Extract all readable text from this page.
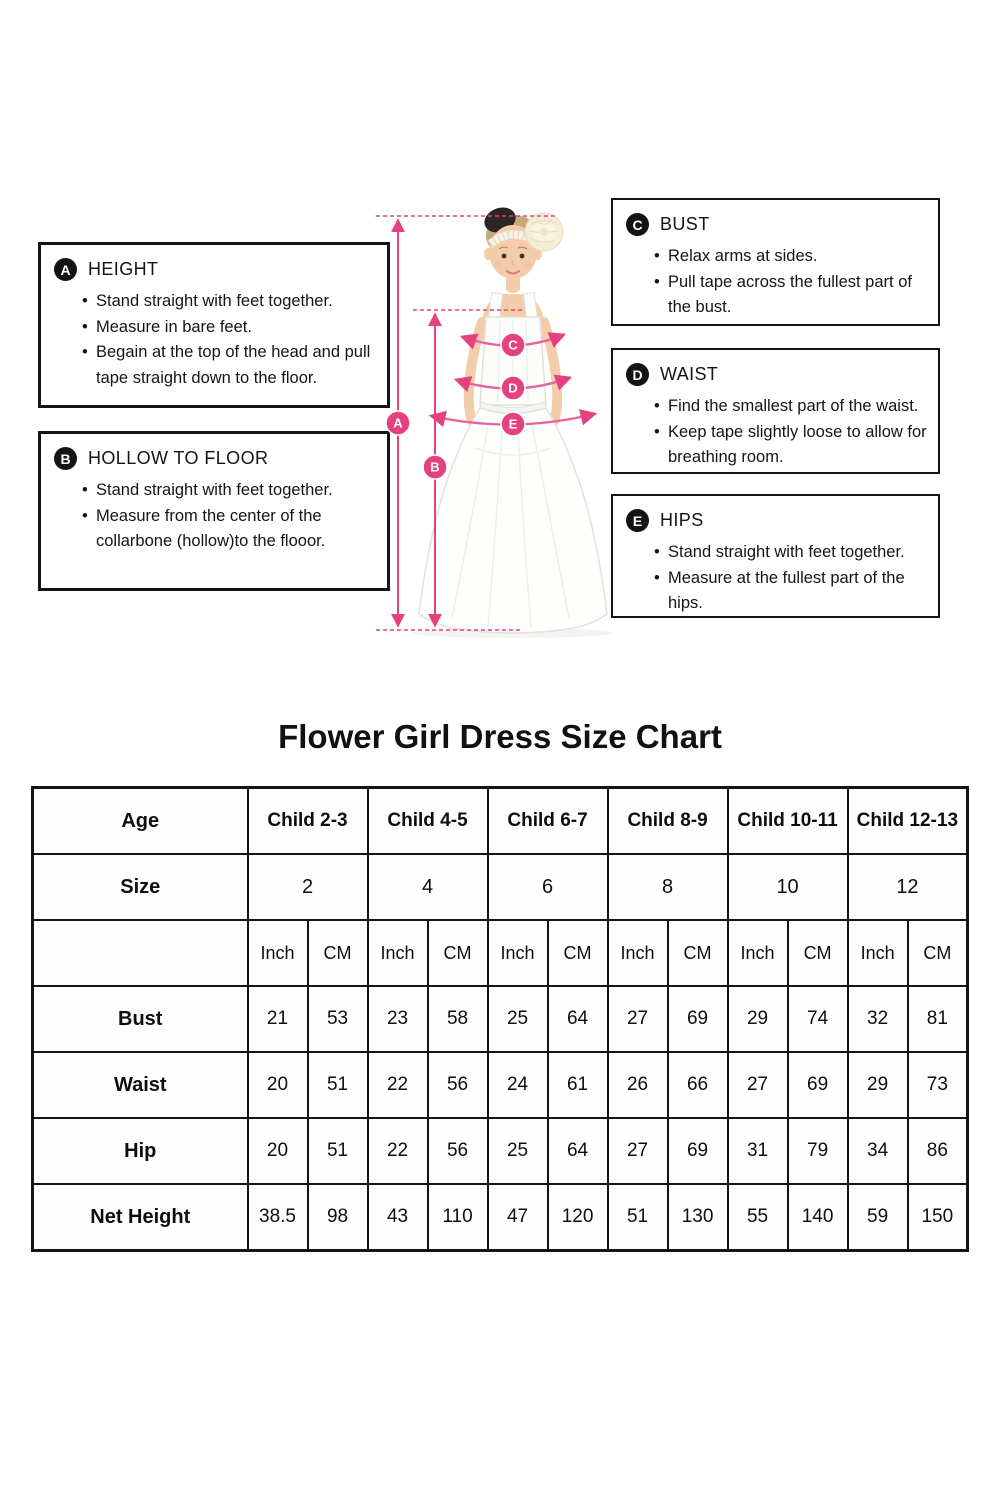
A HEIGHT
• Stand straight with feet together.
• Measure in bare feet.
• Begain at the top of the head and pull tape straight down to the floor.
B HOLLOW TO FLOOR
• Stand straight with feet together.
• Measure from the center of the collarbone (hollow)to the flooor.
C BUST
• Relax arms at sides.
• Pull tape across the fullest part of the bust.
D WAIST
• Find the smallest part of the waist.
• Keep tape slightly loose to allow for breathing room.
E HIPS
• Stand straight with feet together.
• Measure at the fullest part of the hips.
A
B
C
D
E
Flower Girl Dress Size Chart
Age	Child 2-3		Child 4-5		Child 6-7		Child 8-9		Child 10-11		Child 12-13	
Size	2		4		6		8		10		12	
	Inch	CM	Inch	CM	Inch	CM	Inch	CM	Inch	CM	Inch	CM
Bust	21	53	23	58	25	64	27	69	29	74	32	81
Waist	20	51	22	56	24	61	26	66	27	69	29	73
Hip	20	51	22	56	25	64	27	69	31	79	34	86
Net Height	38.5	98	43	110	47	120	51	130	55	140	59	150
